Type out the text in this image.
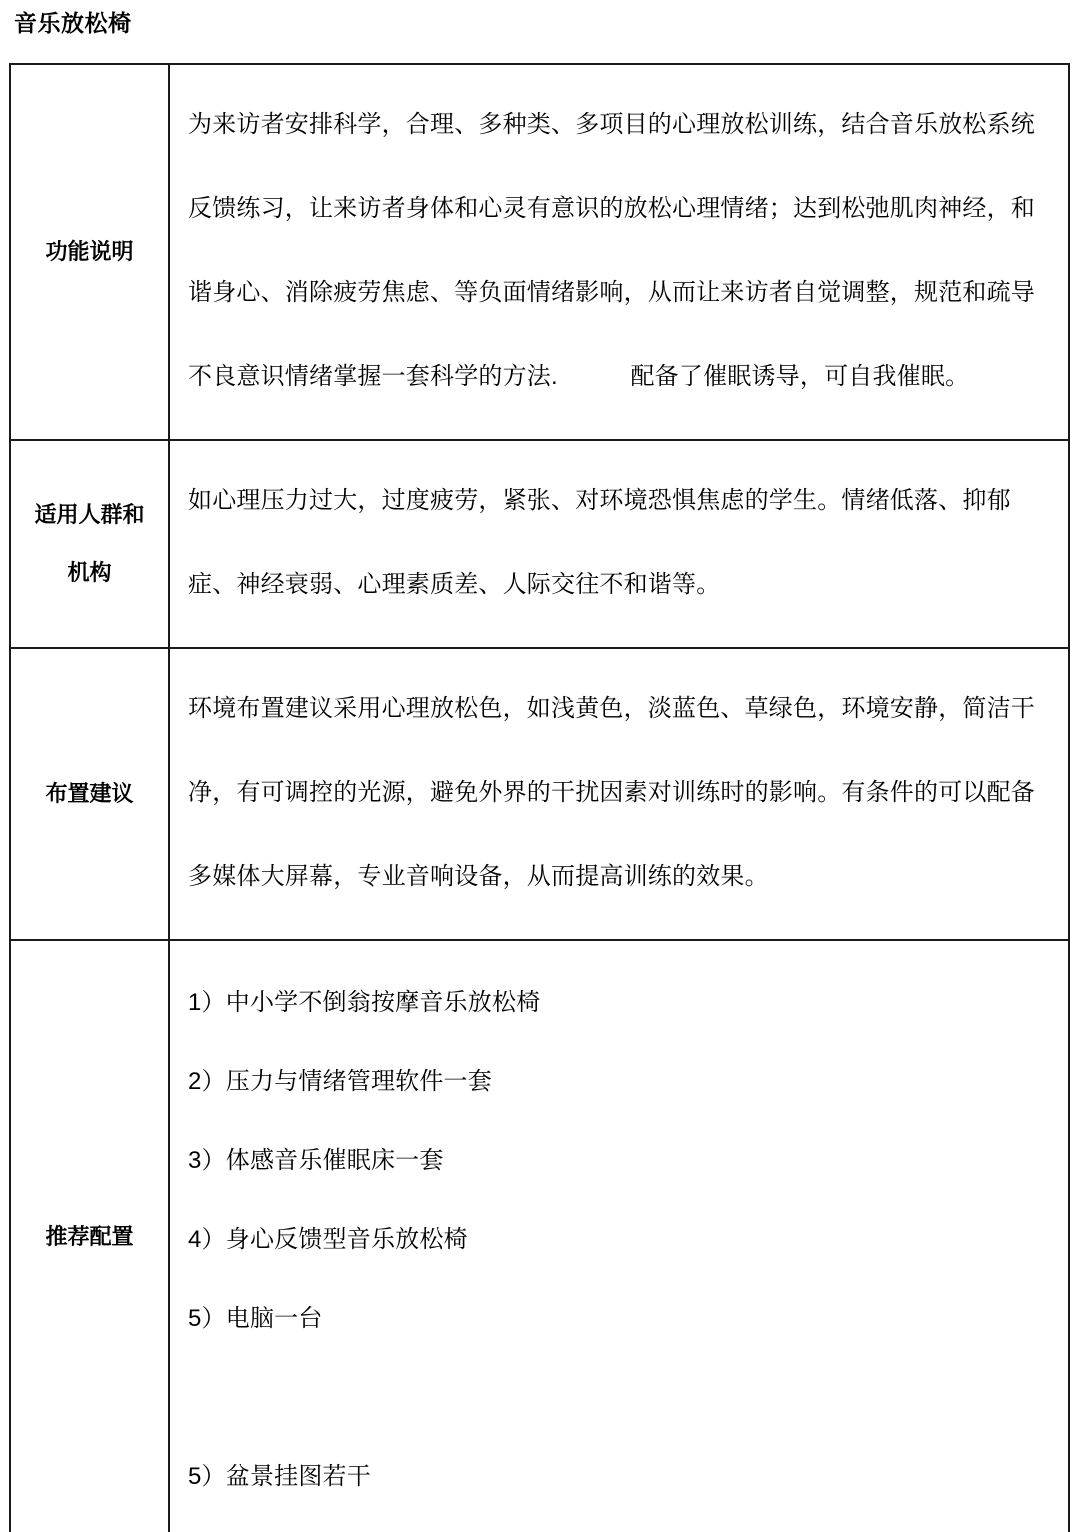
音乐放松椅
功能说明	为来访者安排科学，合理、多种类、多项目的心理放松训练，结合音乐放松系统反馈练习，让来访者身体和心灵有意识的放松心理情绪；达到松弛肌肉神经，和谐身心、消除疲劳焦虑、等负面情绪影响，从而让来访者自觉调整，规范和疏导不良意识情绪掌握一套科学的方法.　　　配备了催眠诱导，可自我催眠。

适用人群和
机构	如心理压力过大，过度疲劳，紧张、对环境恐惧焦虑的学生。情绪低落、抑郁症、神经衰弱、心理素质差、人际交往不和谐等。

布置建议	环境布置建议采用心理放松色，如浅黄色，淡蓝色、草绿色，环境安静，简洁干净，有可调控的光源，避免外界的干扰因素对训练时的影响。有条件的可以配备多媒体大屏幕，专业音响设备，从而提高训练的效果。

推荐配置

1）中小学不倒翁按摩音乐放松椅
2）压力与情绪管理软件一套
3）体感音乐催眠床一套
4）身心反馈型音乐放松椅
5）电脑一台
5）盆景挂图若干
